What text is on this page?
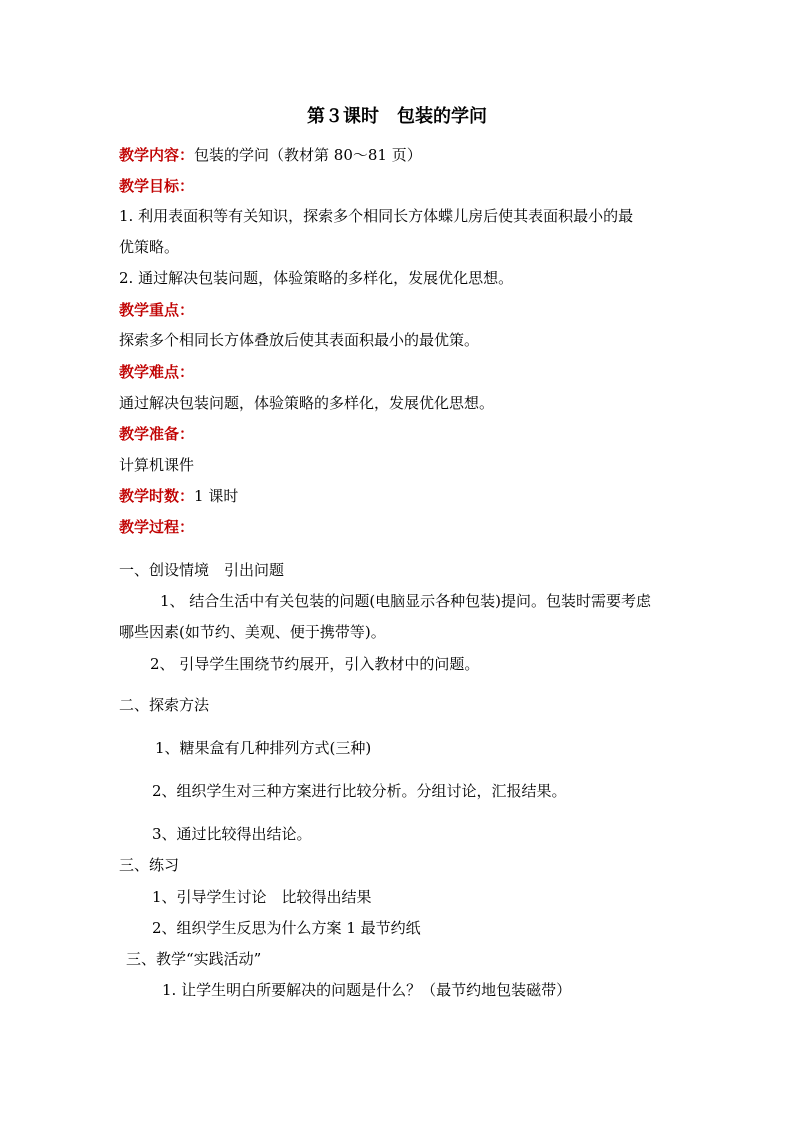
第３课时　包装的学问
教学内容：包装的学问（教材第 80～81 页）
教学目标：
1. 利用表面积等有关知识，探索多个相同长方体蝶儿房后使其表面积最小的最
优策略。
2. 通过解决包装问题，体验策略的多样化，发展优化思想。
教学重点：
探索多个相同长方体叠放后使其表面积最小的最优策。
教学难点：
通过解决包装问题，体验策略的多样化，发展优化思想。
教学准备：
计算机课件
教学时数：1 课时
教学过程：
一、创设情境　引出问题
1、 结合生活中有关包装的问题(电脑显示各种包装)提问。包装时需要考虑
哪些因素(如节约、美观、便于携带等)。
2、 引导学生围绕节约展开，引入教材中的问题。
二、探索方法
1、糖果盒有几种排列方式(三种)
2、组织学生对三种方案进行比较分析。分组讨论，汇报结果。
3、通过比较得出结论。
三、练习
1、引导学生讨论　比较得出结果
2、组织学生反思为什么方案 1 最节约纸
三、教学“实践活动”
1. 让学生明白所要解决的问题是什么？（最节约地包装磁带）
